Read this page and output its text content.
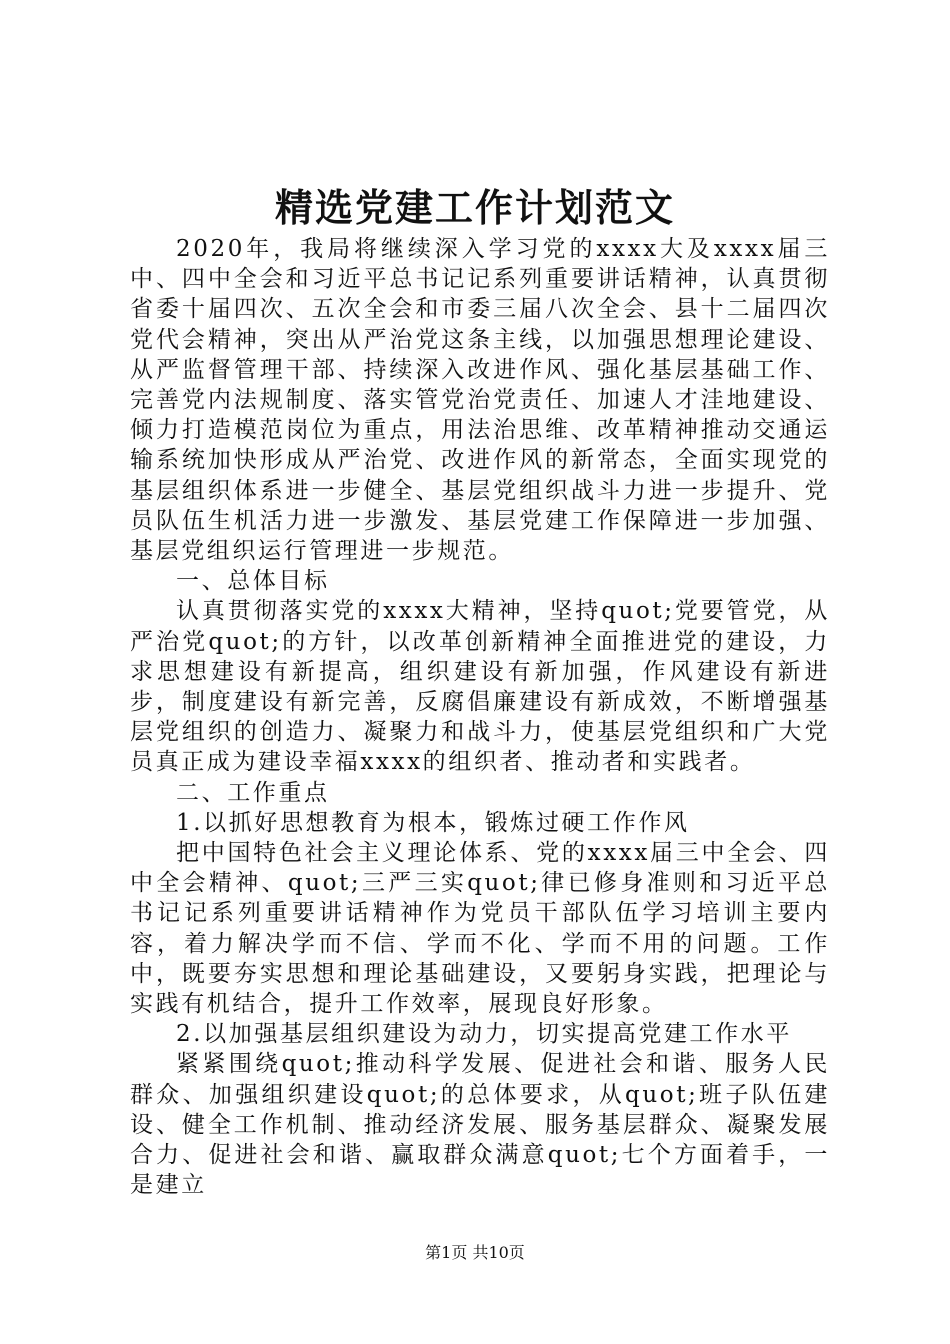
精选党建工作计划范文

2020年，我局将继续深入学习党的xxxx大及xxxx届三中、四中全会和习近平总书记记系列重要讲话精神，认真贯彻省委十届四次、五次全会和市委三届八次全会、县十二届四次党代会精神，突出从严治党这条主线，以加强思想理论建设、从严监督管理干部、持续深入改进作风、强化基层基础工作、完善党内法规制度、落实管党治党责任、加速人才洼地建设、倾力打造模范岗位为重点，用法治思维、改革精神推动交通运输系统加快形成从严治党、改进作风的新常态，全面实现党的基层组织体系进一步健全、基层党组织战斗力进一步提升、党员队伍生机活力进一步激发、基层党建工作保障进一步加强、基层党组织运行管理进一步规范。

一、总体目标

认真贯彻落实党的xxxx大精神，坚持quot;党要管党，从严治党quot;的方针，以改革创新精神全面推进党的建设，力求思想建设有新提高，组织建设有新加强，作风建设有新进步，制度建设有新完善，反腐倡廉建设有新成效，不断增强基层党组织的创造力、凝聚力和战斗力，使基层党组织和广大党员真正成为建设幸福xxxx的组织者、推动者和实践者。

二、工作重点

1.以抓好思想教育为根本，锻炼过硬工作作风

把中国特色社会主义理论体系、党的xxxx届三中全会、四中全会精神、quot;三严三实quot;律已修身准则和习近平总书记记系列重要讲话精神作为党员干部队伍学习培训主要内容，着力解决学而不信、学而不化、学而不用的问题。工作中，既要夯实思想和理论基础建设，又要躬身实践，把理论与实践有机结合，提升工作效率，展现良好形象。

2.以加强基层组织建设为动力，切实提高党建工作水平

紧紧围绕quot;推动科学发展、促进社会和谐、服务人民群众、加强组织建设quot;的总体要求，从quot;班子队伍建设、健全工作机制、推动经济发展、服务基层群众、凝聚发展合力、促进社会和谐、赢取群众满意quot;七个方面着手，一是建立

第1页 共10页
